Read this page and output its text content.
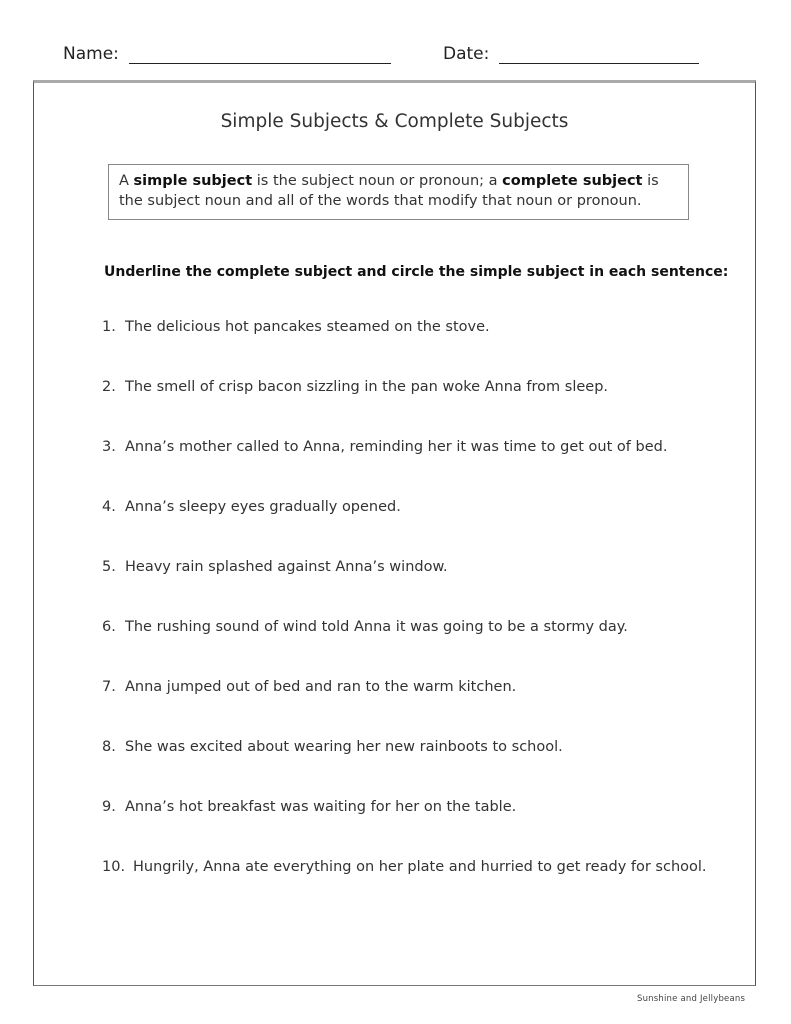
Name:	Date:
Simple Subjects & Complete Subjects
A simple subject is the subject noun or pronoun; a complete subject is the subject noun and all of the words that modify that noun or pronoun.
Underline the complete subject and circle the simple subject in each sentence:
1. The delicious hot pancakes steamed on the stove.
2. The smell of crisp bacon sizzling in the pan woke Anna from sleep.
3. Anna’s mother called to Anna, reminding her it was time to get out of bed.
4. Anna’s sleepy eyes gradually opened.
5. Heavy rain splashed against Anna’s window.
6. The rushing sound of wind told Anna it was going to be a stormy day.
7. Anna jumped out of bed and ran to the warm kitchen.
8. She was excited about wearing her new rainboots to school.
9. Anna’s hot breakfast was waiting for her on the table.
10. Hungrily, Anna ate everything on her plate and hurried to get ready for school.
Sunshine and Jellybeans
